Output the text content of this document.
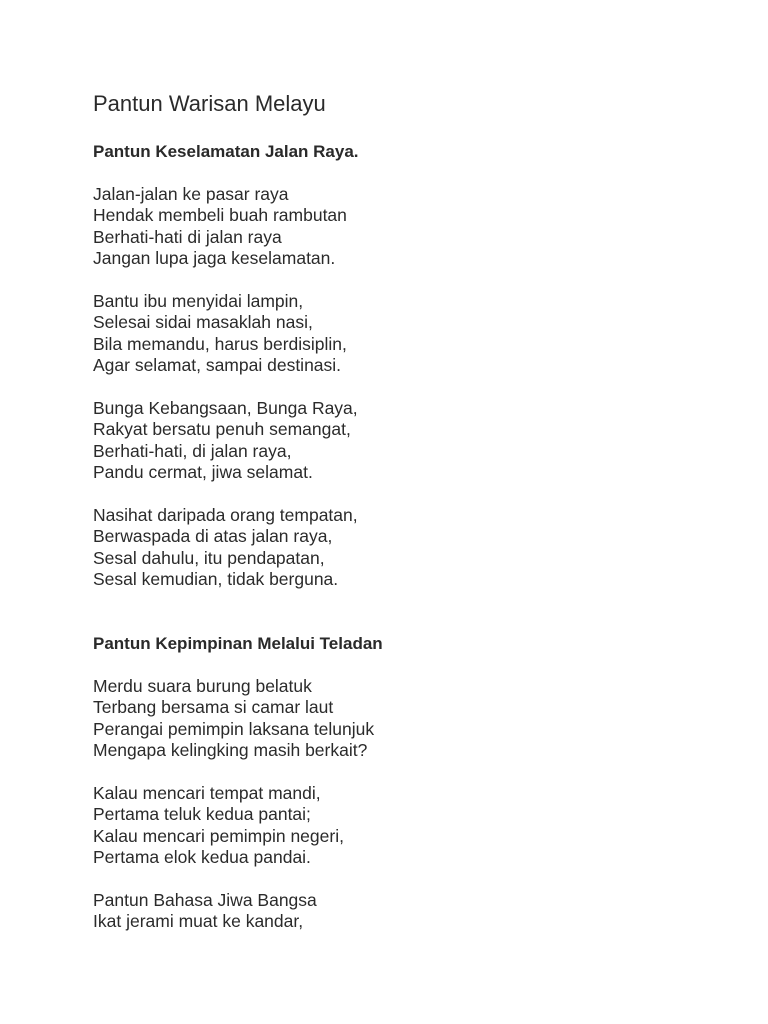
Pantun Warisan Melayu
Pantun Keselamatan Jalan Raya.
Jalan-jalan ke pasar raya
Hendak membeli buah rambutan
Berhati-hati di jalan raya
Jangan lupa jaga keselamatan.
Bantu ibu menyidai lampin,
Selesai sidai masaklah nasi,
Bila memandu, harus berdisiplin,
Agar selamat, sampai destinasi.
Bunga Kebangsaan, Bunga Raya,
Rakyat bersatu penuh semangat,
Berhati-hati, di jalan raya,
Pandu cermat, jiwa selamat.
Nasihat daripada orang tempatan,
Berwaspada di atas jalan raya,
Sesal dahulu, itu pendapatan,
Sesal kemudian, tidak berguna.
Pantun Kepimpinan Melalui Teladan
Merdu suara burung belatuk
Terbang bersama si camar laut
Perangai pemimpin laksana telunjuk
Mengapa kelingking masih berkait?
Kalau mencari tempat mandi,
Pertama teluk kedua pantai;
Kalau mencari pemimpin negeri,
Pertama elok kedua pandai.
Pantun Bahasa Jiwa Bangsa
Ikat jerami muat ke kandar,
